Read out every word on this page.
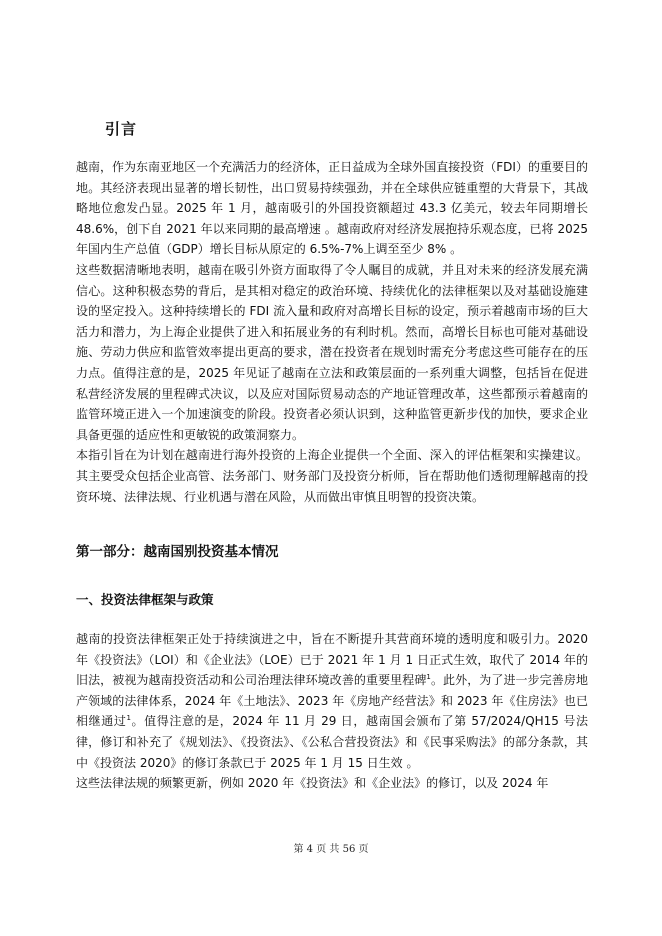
引言

越南，作为东南亚地区一个充满活力的经济体，正日益成为全球外国直接投资（FDI）的重要目的地。其经济表现出显著的增长韧性，出口贸易持续强劲，并在全球供应链重塑的大背景下，其战略地位愈发凸显。2025 年 1 月，越南吸引的外国投资额超过 43.3 亿美元，较去年同期增长 48.6%，创下自 2021 年以来同期的最高增速 。越南政府对经济发展抱持乐观态度，已将 2025 年国内生产总值（GDP）增长目标从原定的 6.5%-7%上调至至少 8% 。

这些数据清晰地表明，越南在吸引外资方面取得了令人瞩目的成就，并且对未来的经济发展充满信心。这种积极态势的背后，是其相对稳定的政治环境、持续优化的法律框架以及对基础设施建设的坚定投入。这种持续增长的 FDI 流入量和政府对高增长目标的设定，预示着越南市场的巨大活力和潜力，为上海企业提供了进入和拓展业务的有利时机。然而，高增长目标也可能对基础设施、劳动力供应和监管效率提出更高的要求，潜在投资者在规划时需充分考虑这些可能存在的压力点。值得注意的是，2025 年见证了越南在立法和政策层面的一系列重大调整，包括旨在促进私营经济发展的里程碑式决议，以及应对国际贸易动态的产地证管理改革，这些都预示着越南的监管环境正进入一个加速演变的阶段。投资者必须认识到，这种监管更新步伐的加快，要求企业具备更强的适应性和更敏锐的政策洞察力。

本指引旨在为计划在越南进行海外投资的上海企业提供一个全面、深入的评估框架和实操建议。其主要受众包括企业高管、法务部门、财务部门及投资分析师，旨在帮助他们透彻理解越南的投资环境、法律法规、行业机遇与潜在风险，从而做出审慎且明智的投资决策。

第一部分：越南国别投资基本情况
一、投资法律框架与政策

越南的投资法律框架正处于持续演进之中，旨在不断提升其营商环境的透明度和吸引力。2020 年《投资法》（LOI）和《企业法》（LOE）已于 2021 年 1 月 1 日正式生效，取代了 2014 年的旧法，被视为越南投资活动和公司治理法律环境改善的重要里程碑$^1$。此外，为了进一步完善房地产领域的法律体系，2024 年《土地法》、2023 年《房地产经营法》和 2023 年《住房法》也已相继通过$^1$。值得注意的是，2024 年 11 月 29 日，越南国会颁布了第 57/2024/QH15 号法律，修订和补充了《规划法》、《投资法》、《公私合营投资法》和《民事采购法》的部分条款，其中《投资法 2020》的修订条款已于 2025 年 1 月 15 日生效 。

这些法律法规的频繁更新，例如 2020 年《投资法》和《企业法》的修订，以及 2024 年

第 4 页 共 56 页
